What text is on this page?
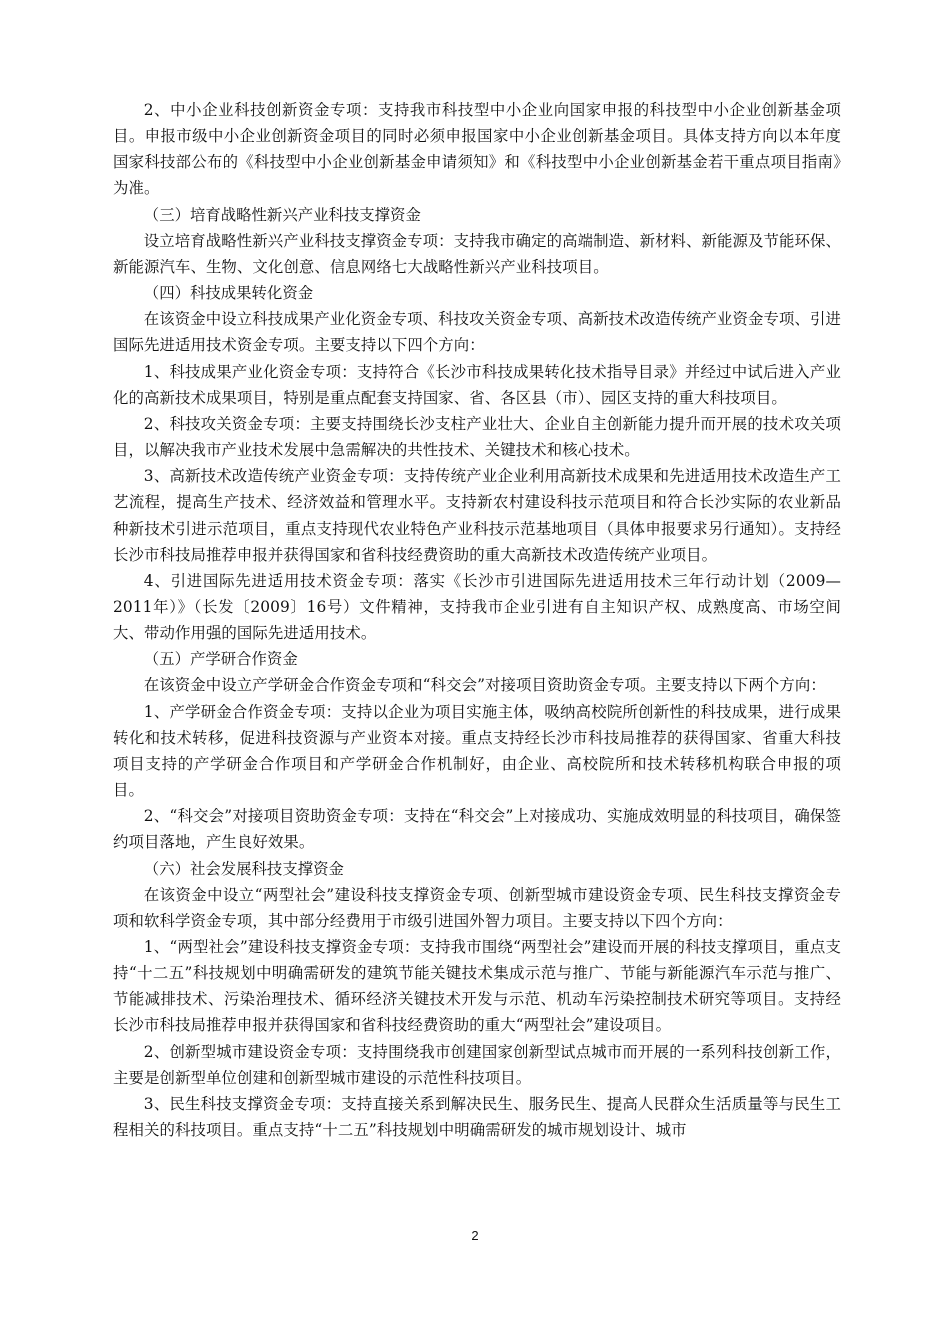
2、中小企业科技创新资金专项：支持我市科技型中小企业向国家申报的科技型中小企业创新基金项目。申报市级中小企业创新资金项目的同时必须申报国家中小企业创新基金项目。具体支持方向以本年度国家科技部公布的《科技型中小企业创新基金申请须知》和《科技型中小企业创新基金若干重点项目指南》为准。

（三）培育战略性新兴产业科技支撑资金

设立培育战略性新兴产业科技支撑资金专项：支持我市确定的高端制造、新材料、新能源及节能环保、新能源汽车、生物、文化创意、信息网络七大战略性新兴产业科技项目。

（四）科技成果转化资金

在该资金中设立科技成果产业化资金专项、科技攻关资金专项、高新技术改造传统产业资金专项、引进国际先进适用技术资金专项。主要支持以下四个方向：

1、科技成果产业化资金专项：支持符合《长沙市科技成果转化技术指导目录》并经过中试后进入产业化的高新技术成果项目，特别是重点配套支持国家、省、各区县（市）、园区支持的重大科技项目。

2、科技攻关资金专项：主要支持围绕长沙支柱产业壮大、企业自主创新能力提升而开展的技术攻关项目，以解决我市产业技术发展中急需解决的共性技术、关键技术和核心技术。

3、高新技术改造传统产业资金专项：支持传统产业企业利用高新技术成果和先进适用技术改造生产工艺流程，提高生产技术、经济效益和管理水平。支持新农村建设科技示范项目和符合长沙实际的农业新品种新技术引进示范项目，重点支持现代农业特色产业科技示范基地项目（具体申报要求另行通知）。支持经长沙市科技局推荐申报并获得国家和省科技经费资助的重大高新技术改造传统产业项目。

4、引进国际先进适用技术资金专项：落实《长沙市引进国际先进适用技术三年行动计划（2009—2011年）》（长发〔2009〕16号）文件精神，支持我市企业引进有自主知识产权、成熟度高、市场空间大、带动作用强的国际先进适用技术。

（五）产学研合作资金

在该资金中设立产学研金合作资金专项和“科交会”对接项目资助资金专项。主要支持以下两个方向：

1、产学研金合作资金专项：支持以企业为项目实施主体，吸纳高校院所创新性的科技成果，进行成果转化和技术转移，促进科技资源与产业资本对接。重点支持经长沙市科技局推荐的获得国家、省重大科技项目支持的产学研金合作项目和产学研金合作机制好，由企业、高校院所和技术转移机构联合申报的项目。

2、“科交会”对接项目资助资金专项：支持在“科交会”上对接成功、实施成效明显的科技项目，确保签约项目落地，产生良好效果。

（六）社会发展科技支撑资金

在该资金中设立“两型社会”建设科技支撑资金专项、创新型城市建设资金专项、民生科技支撑资金专项和软科学资金专项，其中部分经费用于市级引进国外智力项目。主要支持以下四个方向：

1、“两型社会”建设科技支撑资金专项：支持我市围绕“两型社会”建设而开展的科技支撑项目，重点支持“十二五”科技规划中明确需研发的建筑节能关键技术集成示范与推广、节能与新能源汽车示范与推广、节能减排技术、污染治理技术、循环经济关键技术开发与示范、机动车污染控制技术研究等项目。支持经长沙市科技局推荐申报并获得国家和省科技经费资助的重大“两型社会”建设项目。

2、创新型城市建设资金专项：支持围绕我市创建国家创新型试点城市而开展的一系列科技创新工作，主要是创新型单位创建和创新型城市建设的示范性科技项目。

3、民生科技支撑资金专项：支持直接关系到解决民生、服务民生、提高人民群众生活质量等与民生工程相关的科技项目。重点支持“十二五”科技规划中明确需研发的城市规划设计、城市

2
